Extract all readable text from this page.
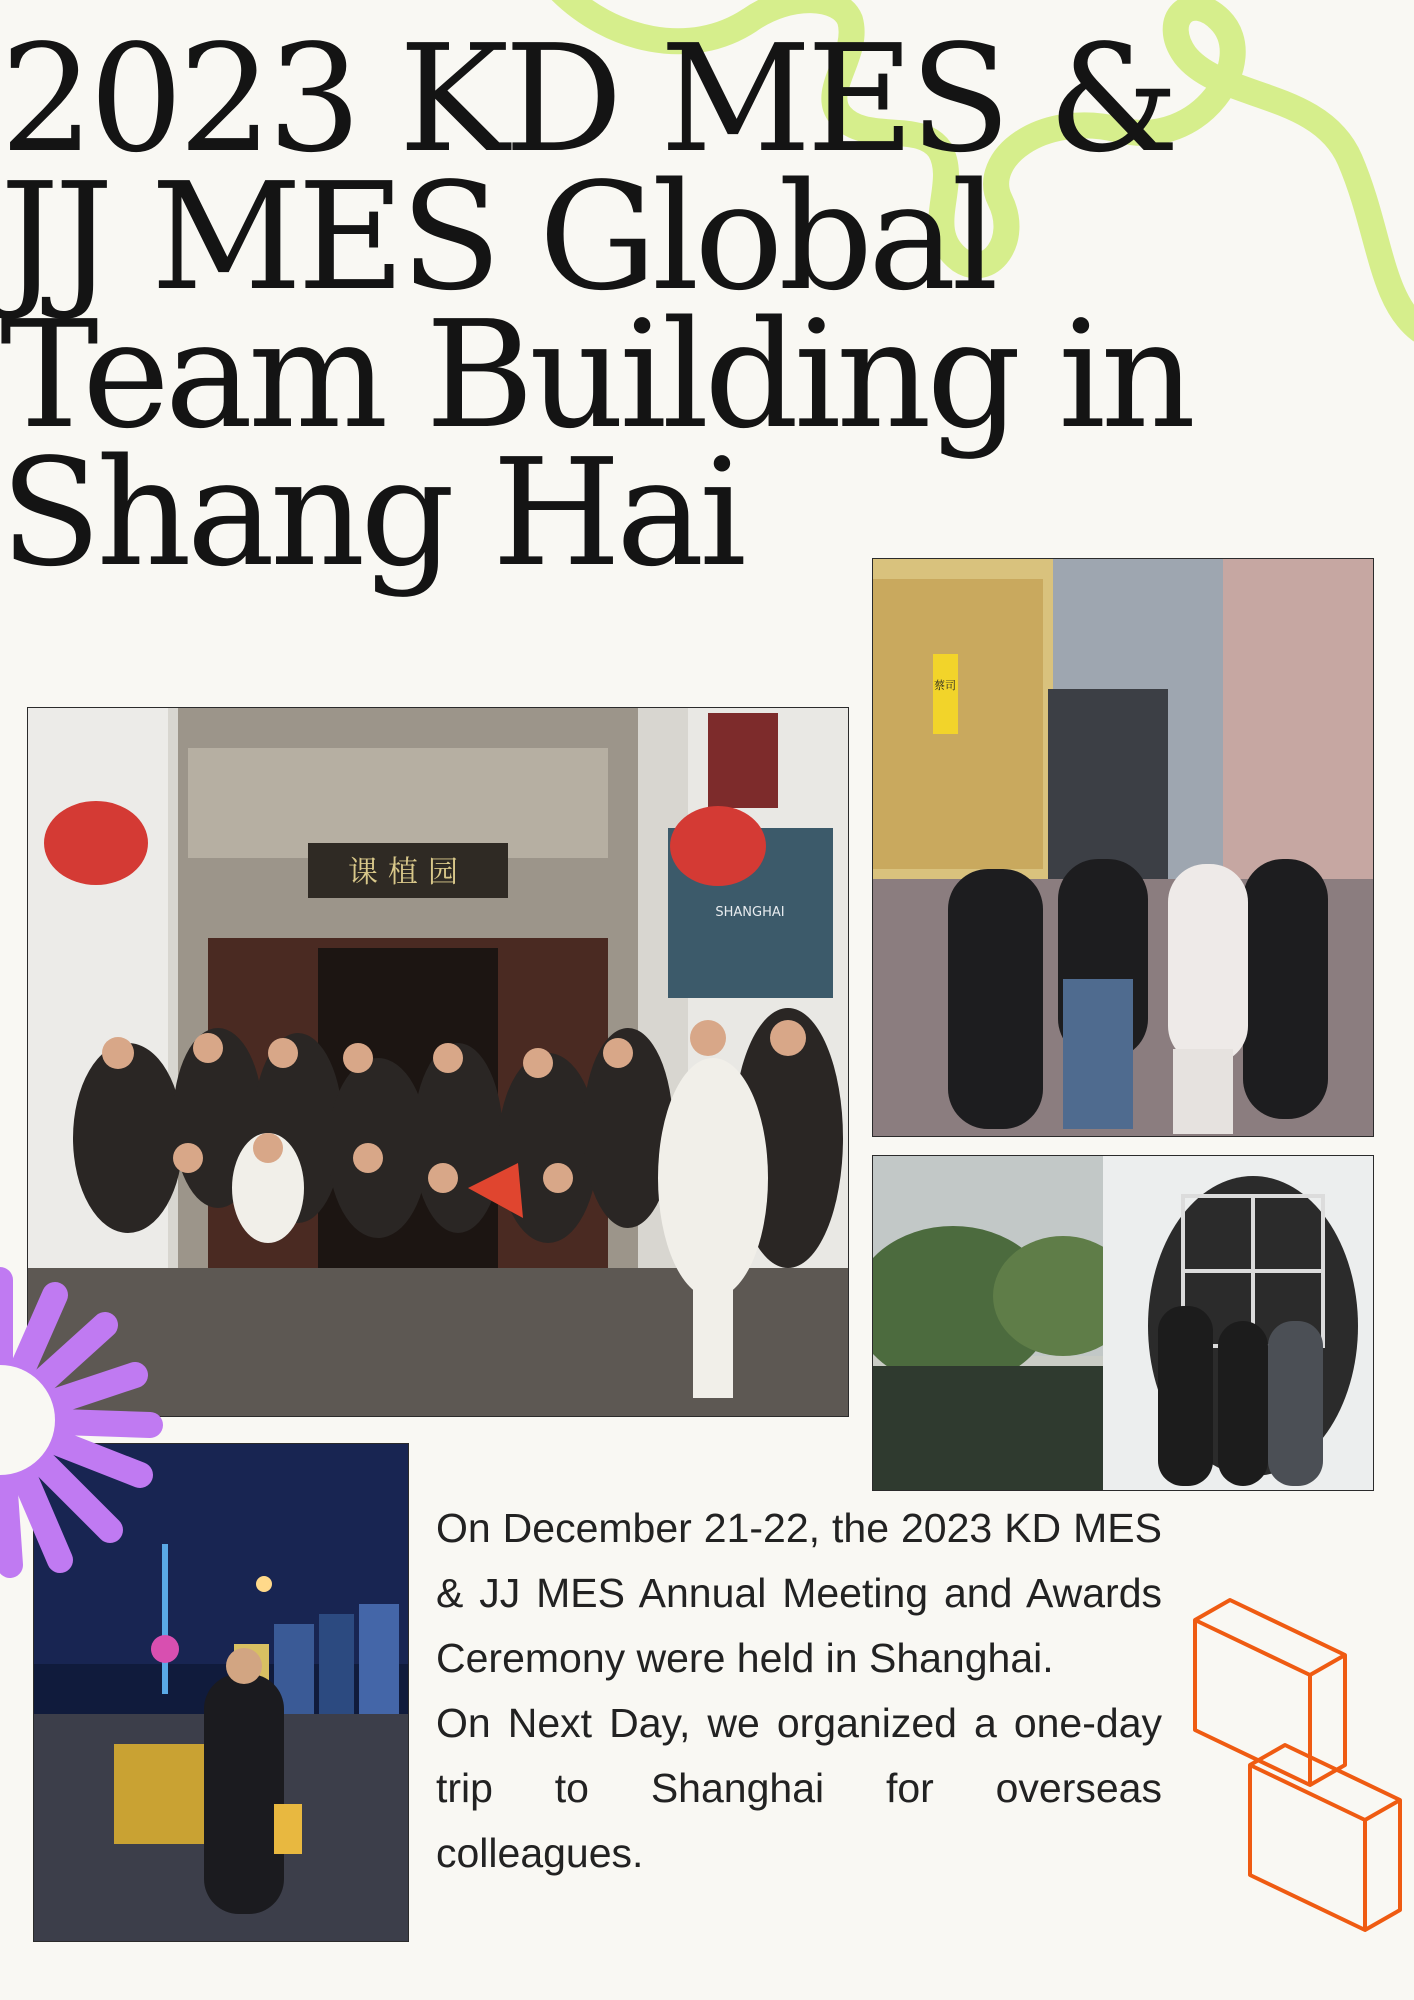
2023 KD MES &
JJ MES Global
Team Building in
Shang Hai
课植园
SHANGHAI
蔡司

On December 21-22, the 2023 KD MES & JJ MES Annual Meeting and Awards Ceremony were held in Shanghai.

On Next Day, we organized a one-day trip to Shanghai for overseas colleagues.
